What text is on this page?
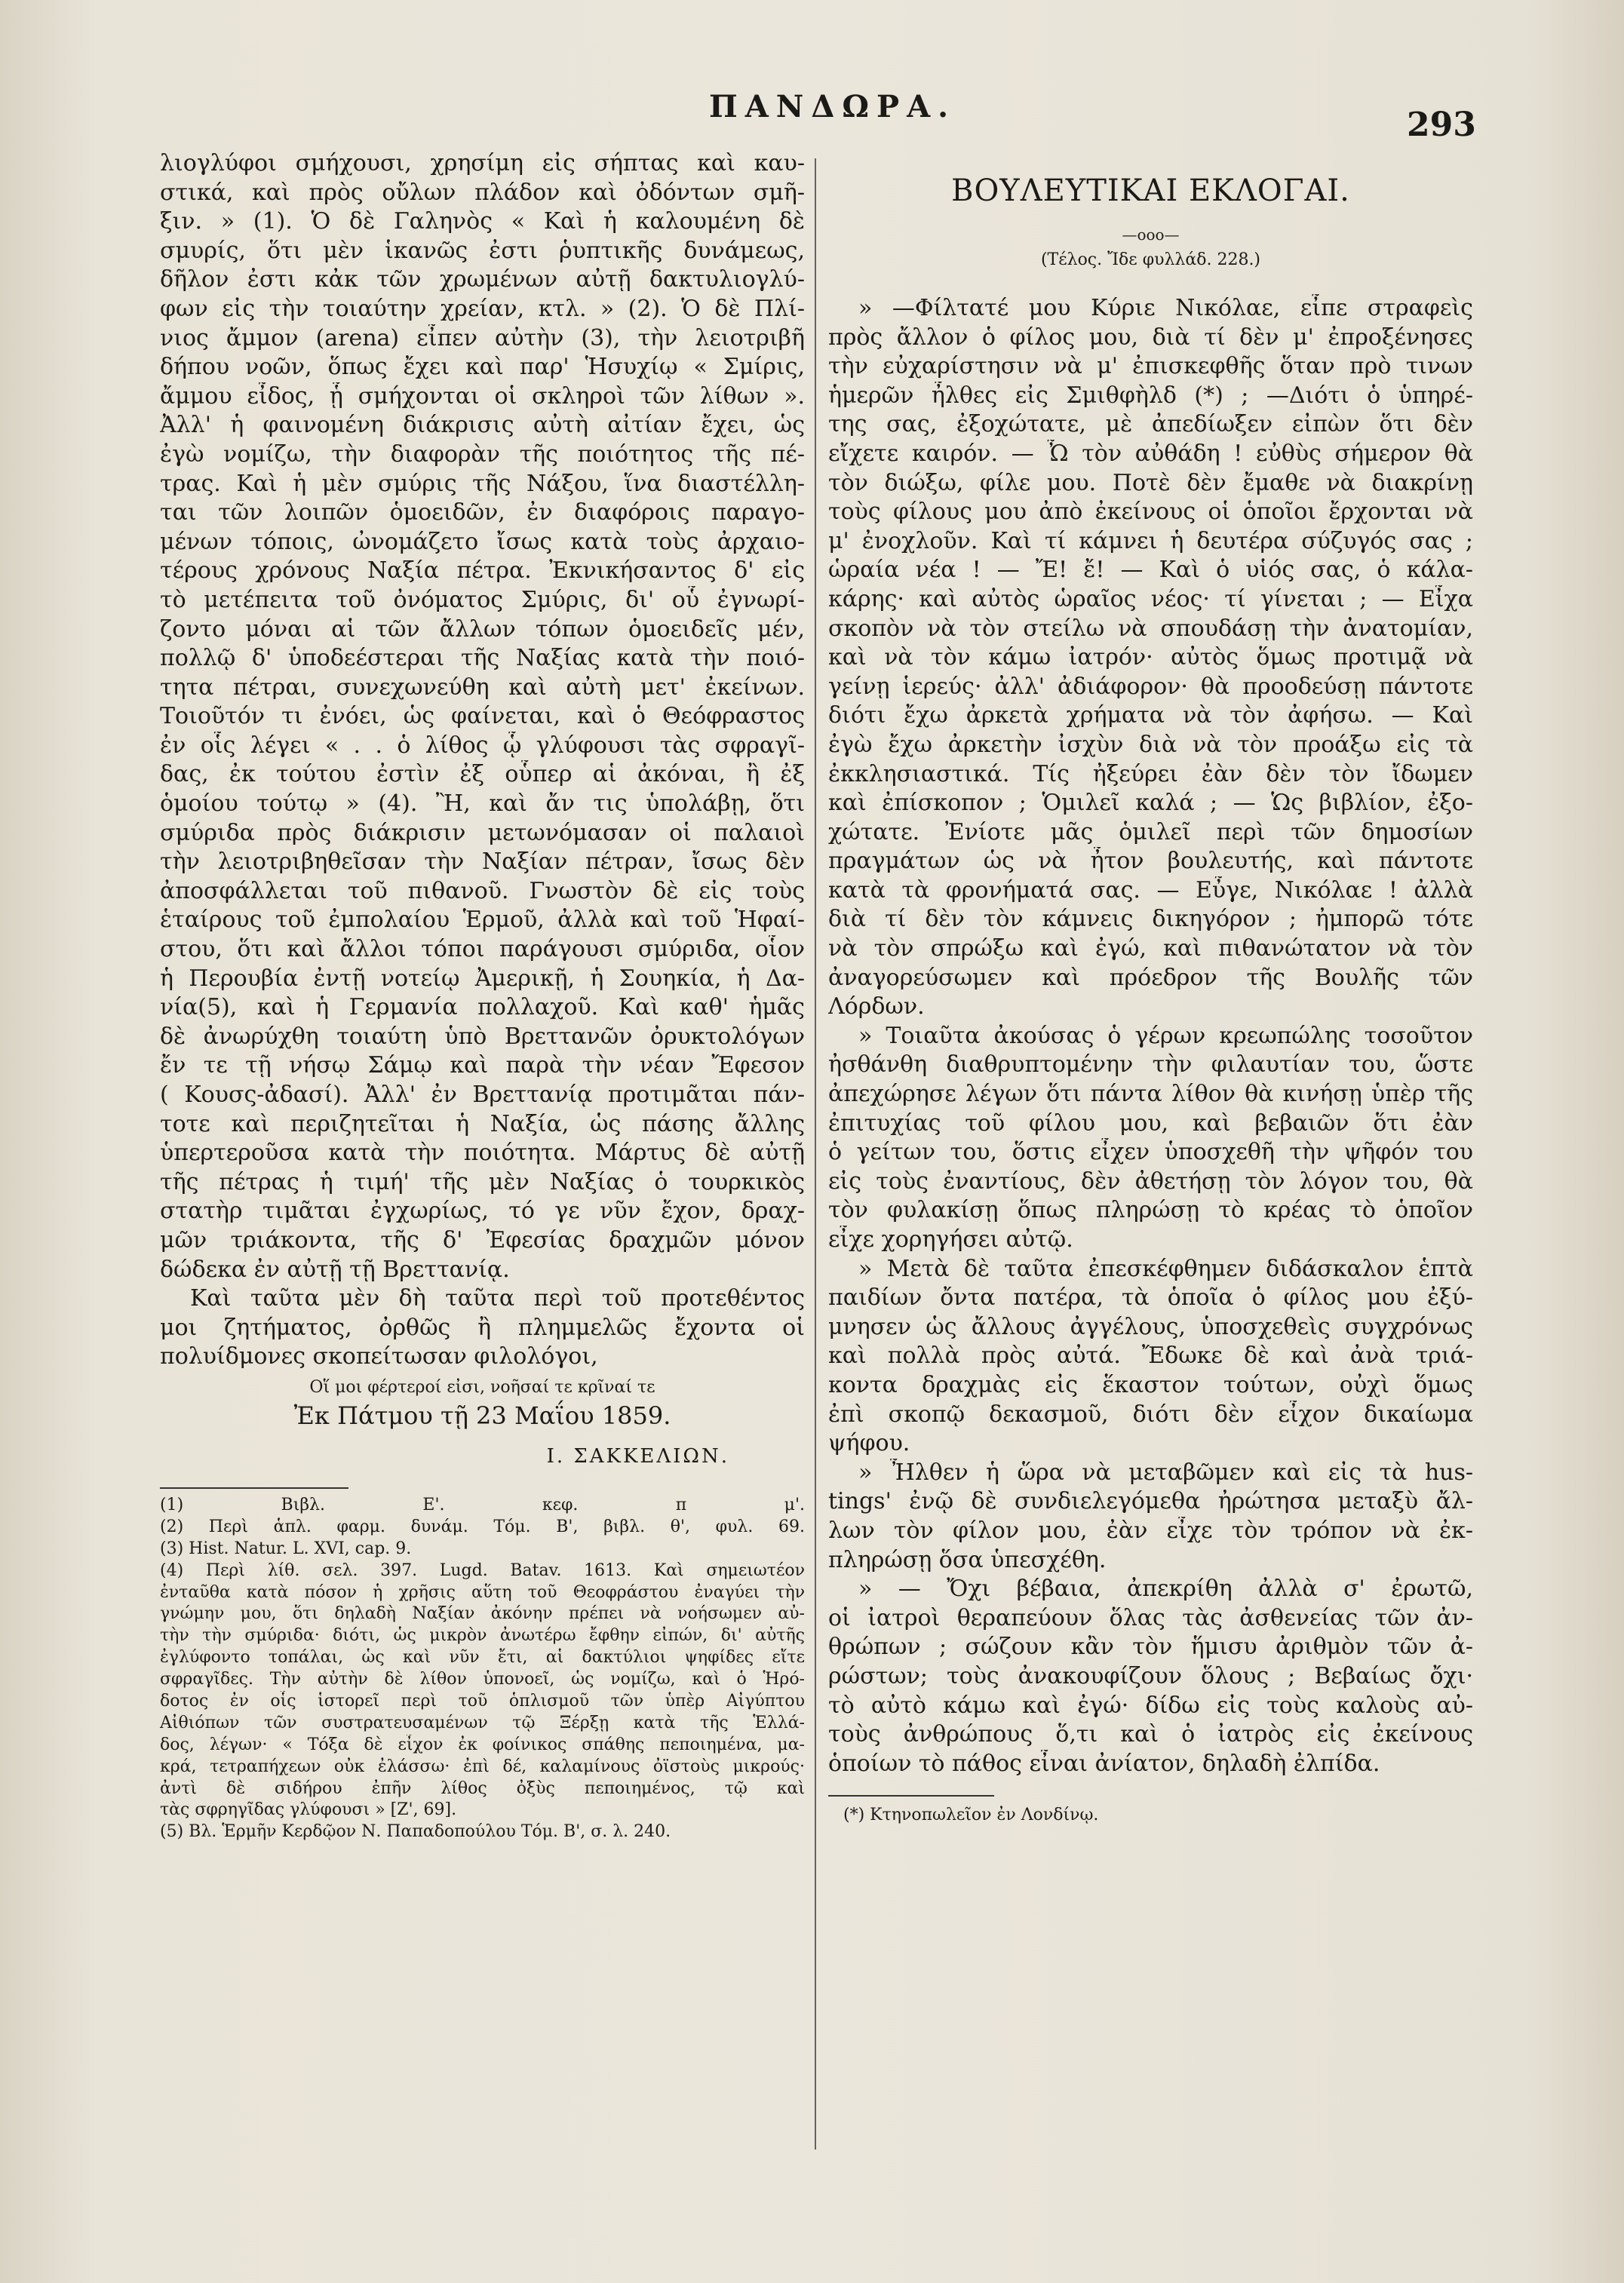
ΠΑΝΔΩΡΑ.	293
λιογλύφοι σμήχουσι, χρησίμη εἰς σήπτας καὶ καυ-
στικά, καὶ πρὸς οὔλων πλάδον καὶ ὀδόντων σμῆ-
ξιν. » (1). Ὁ δὲ Γαληνὸς « Καὶ ἡ καλουμένη δὲ
σμυρίς, ὅτι μὲν ἱκανῶς ἐστι ῥυπτικῆς δυνάμεως,
δῆλον ἐστι κἀκ τῶν χρωμένων αὐτῇ δακτυλιογλύ-
φων εἰς τὴν τοιαύτην χρείαν, κτλ. » (2). Ὁ δὲ Πλί-
νιος ἄμμον (arena) εἶπεν αὐτὴν (3), τὴν λειοτριβῆ
δήπου νοῶν, ὅπως ἔχει καὶ παρ' Ἡσυχίῳ « Σμίρις,
ἄμμου εἶδος, ᾗ σμήχονται οἱ σκληροὶ τῶν λίθων ».
Ἀλλ' ἡ φαινομένη διάκρισις αὐτὴ αἰτίαν ἔχει, ὡς
ἐγὼ νομίζω, τὴν διαφορὰν τῆς ποιότητος τῆς πέ-
τρας. Καὶ ἡ μὲν σμύρις τῆς Νάξου, ἵνα διαστέλλη-
ται τῶν λοιπῶν ὁμοειδῶν, ἐν διαφόροις παραγο-
μένων τόποις, ὠνομάζετο ἴσως κατὰ τοὺς ἀρχαιο-
τέρους χρόνους Ναξία πέτρα. Ἐκνικήσαντος δ' εἰς
τὸ μετέπειτα τοῦ ὀνόματος Σμύρις, δι' οὗ ἐγνωρί-
ζοντο μόναι αἱ τῶν ἄλλων τόπων ὁμοειδεῖς μέν,
πολλῷ δ' ὑποδεέστεραι τῆς Ναξίας κατὰ τὴν ποιό-
τητα πέτραι, συνεχωνεύθη καὶ αὐτὴ μετ' ἐκείνων.
Τοιοῦτόν τι ἐνόει, ὡς φαίνεται, καὶ ὁ Θεόφραστος
ἐν οἷς λέγει « . . ὁ λίθος ᾧ γλύφουσι τὰς σφραγῖ-
δας, ἐκ τούτου ἐστὶν ἐξ οὗπερ αἱ ἀκόναι, ἢ ἐξ
ὁμοίου τούτῳ » (4). Ἢ, καὶ ἄν τις ὑπολάβῃ, ὅτι
σμύριδα πρὸς διάκρισιν μετωνόμασαν οἱ παλαιοὶ
τὴν λειοτριβηθεῖσαν τὴν Ναξίαν πέτραν, ἴσως δὲν
ἀποσφάλλεται τοῦ πιθανοῦ. Γνωστὸν δὲ εἰς τοὺς
ἑταίρους τοῦ ἐμπολαίου Ἑρμοῦ, ἀλλὰ καὶ τοῦ Ἡφαί-
στου, ὅτι καὶ ἄλλοι τόποι παράγουσι σμύριδα, οἷον
ἡ Περουβία ἐντῇ νοτείῳ Ἀμερικῇ, ἡ Σουηκία, ἡ Δα-
νία(5), καὶ ἡ Γερμανία πολλαχοῦ. Καὶ καθ' ἡμᾶς
δὲ ἀνωρύχθη τοιαύτη ὑπὸ Βρεττανῶν ὀρυκτολόγων
ἔν τε τῇ νήσῳ Σάμῳ καὶ παρὰ τὴν νέαν Ἔφεσον
( Κουσς-ἀδασί). Ἀλλ' ἐν Βρεττανίᾳ προτιμᾶται πάν-
τοτε καὶ περιζητεῖται ἡ Ναξία, ὡς πάσης ἄλλης
ὑπερτεροῦσα κατὰ τὴν ποιότητα. Μάρτυς δὲ αὐτῇ
τῆς πέτρας ἡ τιμή' τῆς μὲν Ναξίας ὁ τουρκικὸς
στατὴρ τιμᾶται ἐγχωρίως, τό γε νῦν ἔχον, δραχ-
μῶν τριάκοντα, τῆς δ' Ἐφεσίας δραχμῶν μόνον
δώδεκα ἐν αὐτῇ τῇ Βρεττανίᾳ.
Καὶ ταῦτα μὲν δὴ ταῦτα περὶ τοῦ προτεθέντος
μοι ζητήματος, ὀρθῶς ἢ πλημμελῶς ἔχοντα οἱ
πολυίδμονες σκοπείτωσαν φιλολόγοι,
Οἵ μοι φέρτεροί εἰσι, νοῆσαί τε κρῖναί τε
Ἐκ Πάτμου τῇ 23 Μαΐου 1859.
Ι. ΣΑΚΚΕΛΙΩΝ.
(1) Βιβλ. Ε'. κεφ. π μ'.
(2) Περὶ ἁπλ. φαρμ. δυνάμ. Τόμ. Β', βιβλ. θ', φυλ. 69.
(3) Hist. Natur. L. XVI, cap. 9.
(4) Περὶ λίθ. σελ. 397. Lugd. Batav. 1613. Καὶ σημειωτέον
ἐνταῦθα κατὰ πόσον ἡ χρῆσις αὕτη τοῦ Θεοφράστου ἐναγύει τὴν
γνώμην μου, ὅτι δηλαδὴ Ναξίαν ἀκόνην πρέπει νὰ νοήσωμεν αὐ-
τὴν τὴν σμύριδα· διότι, ὡς μικρὸν ἀνωτέρω ἔφθην εἰπών, δι' αὐτῆς
ἐγλύφοντο τοπάλαι, ὡς καὶ νῦν ἔτι, αἱ δακτύλιοι ψηφίδες εἴτε
σφραγῖδες. Τὴν αὐτὴν δὲ λίθον ὑπονοεῖ, ὡς νομίζω, καὶ ὁ Ἡρό-
δοτος ἐν οἷς ἱστορεῖ περὶ τοῦ ὁπλισμοῦ τῶν ὑπὲρ Αἰγύπτου
Αἰθιόπων τῶν συστρατευσαμένων τῷ Ξέρξῃ κατὰ τῆς Ἑλλά-
δος, λέγων· « Τόξα δὲ εἶχον ἐκ φοίνικος σπάθης πεποιημένα, μα-
κρά, τετραπήχεων οὐκ ἐλάσσω· ἐπὶ δέ, καλαμίνους ὀϊστοὺς μικρούς·
ἀντὶ δὲ σιδήρου ἐπῆν λίθος ὀξὺς πεποιημένος, τῷ καὶ
τὰς σφρηγῖδας γλύφουσι » [Ζ', 69].
(5) Βλ. Ἑρμῆν Κερδῷον Ν. Παπαδοπούλου Τόμ. Β', σ. λ. 240.
ΒΟΥΛΕΥΤΙΚΑΙ ΕΚΛΟΓΑΙ.
—οοο—
(Τέλος. Ἴδε φυλλάδ. 228.)
» —Φίλτατέ μου Κύριε Νικόλαε, εἶπε στραφεὶς
πρὸς ἄλλον ὁ φίλος μου, διὰ τί δὲν μ' ἐπροξένησες
τὴν εὐχαρίστησιν νὰ μ' ἐπισκεφθῆς ὅταν πρὸ τινων
ἡμερῶν ἦλθες εἰς Σμιθφὴλδ (*) ; —Διότι ὁ ὑπηρέ-
της σας, ἐξοχώτατε, μὲ ἀπεδίωξεν εἰπὼν ὅτι δὲν
εἴχετε καιρόν. — Ὦ τὸν αὐθάδη ! εὐθὺς σήμερον θὰ
τὸν διώξω, φίλε μου. Ποτὲ δὲν ἔμαθε νὰ διακρίνῃ
τοὺς φίλους μου ἀπὸ ἐκείνους οἱ ὁποῖοι ἔρχονται νὰ
μ' ἐνοχλοῦν. Καὶ τί κάμνει ἡ δευτέρα σύζυγός σας ;
ὡραία νέα ! — Ἔ! ἔ! — Καὶ ὁ υἱός σας, ὁ κάλα-
κάρης· καὶ αὐτὸς ὡραῖος νέος· τί γίνεται ; — Εἶχα
σκοπὸν νὰ τὸν στείλω νὰ σπουδάσῃ τὴν ἀνατομίαν,
καὶ νὰ τὸν κάμω ἰατρόν· αὐτὸς ὅμως προτιμᾷ νὰ
γείνῃ ἱερεύς· ἀλλ' ἀδιάφορον· θὰ προοδεύσῃ πάντοτε
διότι ἔχω ἀρκετὰ χρήματα νὰ τὸν ἀφήσω. — Καὶ
ἐγὼ ἔχω ἀρκετὴν ἰσχὺν διὰ νὰ τὸν προάξω εἰς τὰ
ἐκκλησιαστικά. Τίς ἠξεύρει ἐὰν δὲν τὸν ἴδωμεν
καὶ ἐπίσκοπον ; Ὁμιλεῖ καλά ; — Ὡς βιβλίον, ἐξο-
χώτατε. Ἐνίοτε μᾶς ὁμιλεῖ περὶ τῶν δημοσίων
πραγμάτων ὡς νὰ ἦτον βουλευτής, καὶ πάντοτε
κατὰ τὰ φρονήματά σας. — Εὖγε, Νικόλαε ! ἀλλὰ
διὰ τί δὲν τὸν κάμνεις δικηγόρον ; ἠμπορῶ τότε
νὰ τὸν σπρώξω καὶ ἐγώ, καὶ πιθανώτατον νὰ τὸν
ἀναγορεύσωμεν καὶ πρόεδρον τῆς Βουλῆς τῶν
Λόρδων.
» Τοιαῦτα ἀκούσας ὁ γέρων κρεωπώλης τοσοῦτον
ἠσθάνθη διαθρυπτομένην τὴν φιλαυτίαν του, ὥστε
ἀπεχώρησε λέγων ὅτι πάντα λίθον θὰ κινήσῃ ὑπὲρ τῆς
ἐπιτυχίας τοῦ φίλου μου, καὶ βεβαιῶν ὅτι ἐὰν
ὁ γείτων του, ὅστις εἶχεν ὑποσχεθῆ τὴν ψῆφόν του
εἰς τοὺς ἐναντίους, δὲν ἀθετήσῃ τὸν λόγον του, θὰ
τὸν φυλακίσῃ ὅπως πληρώσῃ τὸ κρέας τὸ ὁποῖον
εἶχε χορηγήσει αὐτῷ.
» Μετὰ δὲ ταῦτα ἐπεσκέφθημεν διδάσκαλον ἑπτὰ
παιδίων ὄντα πατέρα, τὰ ὁποῖα ὁ φίλος μου ἐξύ-
μνησεν ὡς ἄλλους ἀγγέλους, ὑποσχεθεὶς συγχρόνως
καὶ πολλὰ πρὸς αὐτά. Ἔδωκε δὲ καὶ ἀνὰ τριά-
κοντα δραχμὰς εἰς ἕκαστον τούτων, οὐχὶ ὅμως
ἐπὶ σκοπῷ δεκασμοῦ, διότι δὲν εἶχον δικαίωμα
ψήφου.
» Ἦλθεν ἡ ὥρα νὰ μεταβῶμεν καὶ εἰς τὰ hus-
tings' ἐνῷ δὲ συνδιελεγόμεθα ἠρώτησα μεταξὺ ἄλ-
λων τὸν φίλον μου, ἐὰν εἶχε τὸν τρόπον νὰ ἐκ-
πληρώσῃ ὅσα ὑπεσχέθη.
» — Ὄχι βέβαια, ἀπεκρίθη ἀλλὰ σ' ἐρωτῶ,
οἱ ἰατροὶ θεραπεύουν ὅλας τὰς ἀσθενείας τῶν ἀν-
θρώπων ; σώζουν κἂν τὸν ἥμισυ ἀριθμὸν τῶν ἀ-
ρώστων; τοὺς ἀνακουφίζουν ὅλους ; Βεβαίως ὄχι·
τὸ αὐτὸ κάμω καὶ ἐγώ· δίδω εἰς τοὺς καλοὺς αὐ-
τοὺς ἀνθρώπους ὅ,τι καὶ ὁ ἰατρὸς εἰς ἐκείνους
ὁποίων τὸ πάθος εἶναι ἀνίατον, δηλαδὴ ἐλπίδα.
(*) Κτηνοπωλεῖον ἐν Λονδίνῳ.
